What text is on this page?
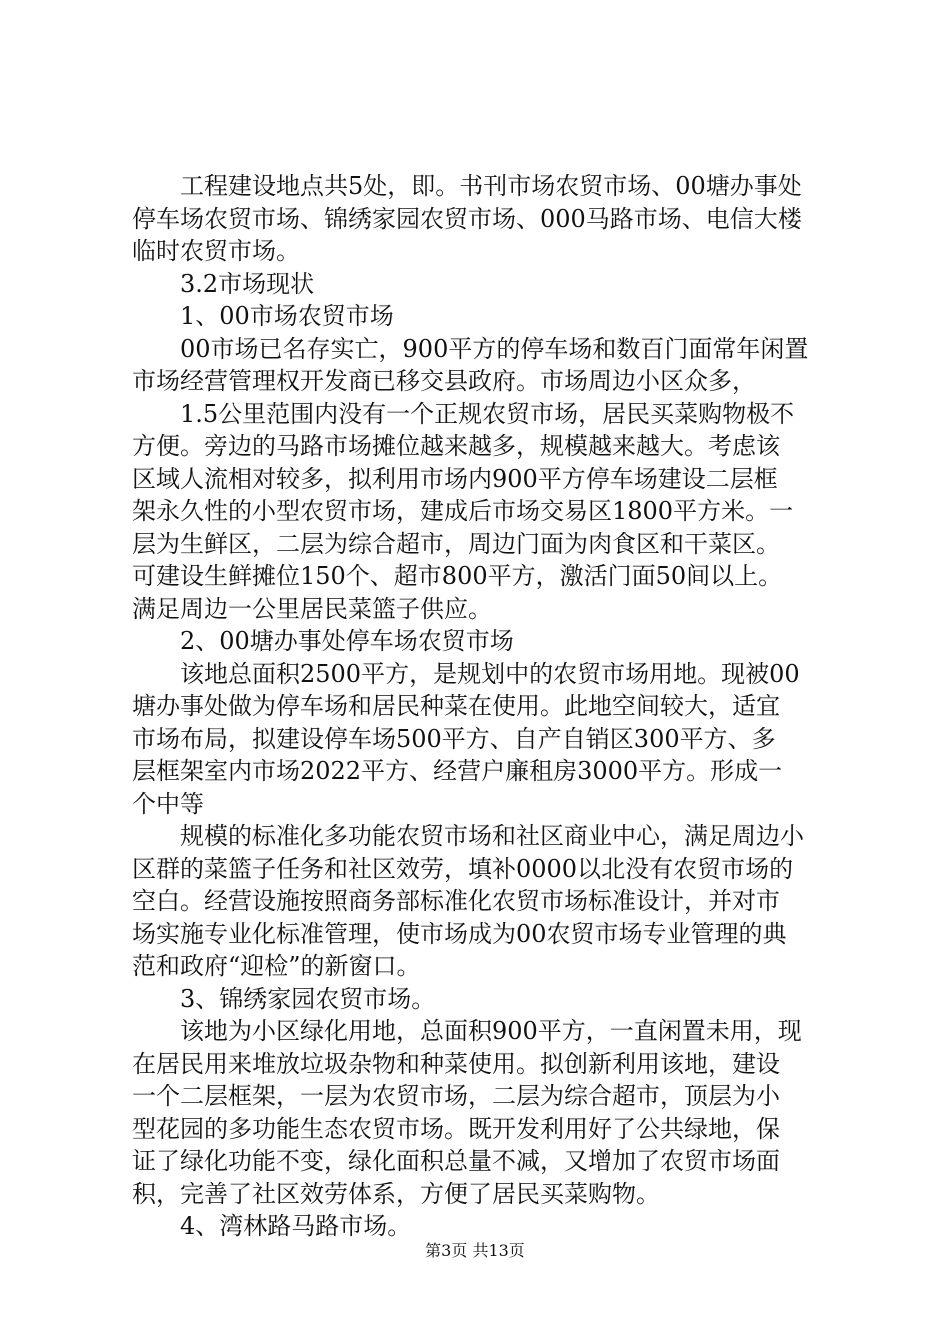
工程建设地点共5处，即。书刊市场农贸市场、00塘办事处
停车场农贸市场、锦绣家园农贸市场、000马路市场、电信大楼
临时农贸市场。
3.2市场现状
1、00市场农贸市场
00市场已名存实亡，900平方的停车场和数百门面常年闲置
市场经营管理权开发商已移交县政府。市场周边小区众多，
1.5公里范围内没有一个正规农贸市场，居民买菜购物极不
方便。旁边的马路市场摊位越来越多，规模越来越大。考虑该
区域人流相对较多，拟利用市场内900平方停车场建设二层框
架永久性的小型农贸市场，建成后市场交易区1800平方米。一
层为生鲜区，二层为综合超市，周边门面为肉食区和干菜区。
可建设生鲜摊位150个、超市800平方，激活门面50间以上。
满足周边一公里居民菜篮子供应。
2、00塘办事处停车场农贸市场
该地总面积2500平方，是规划中的农贸市场用地。现被00
塘办事处做为停车场和居民种菜在使用。此地空间较大，适宜
市场布局，拟建设停车场500平方、自产自销区300平方、多
层框架室内市场2022平方、经营户廉租房3000平方。形成一
个中等
规模的标准化多功能农贸市场和社区商业中心，满足周边小
区群的菜篮子任务和社区效劳，填补0000以北没有农贸市场的
空白。经营设施按照商务部标准化农贸市场标准设计，并对市
场实施专业化标准管理，使市场成为00农贸市场专业管理的典
范和政府“迎检”的新窗口。
3、锦绣家园农贸市场。
该地为小区绿化用地，总面积900平方，一直闲置未用，现
在居民用来堆放垃圾杂物和种菜使用。拟创新利用该地，建设
一个二层框架，一层为农贸市场，二层为综合超市，顶层为小
型花园的多功能生态农贸市场。既开发利用好了公共绿地，保
证了绿化功能不变，绿化面积总量不减，又增加了农贸市场面
积，完善了社区效劳体系，方便了居民买菜购物。
4、湾林路马路市场。
第3页 共13页
